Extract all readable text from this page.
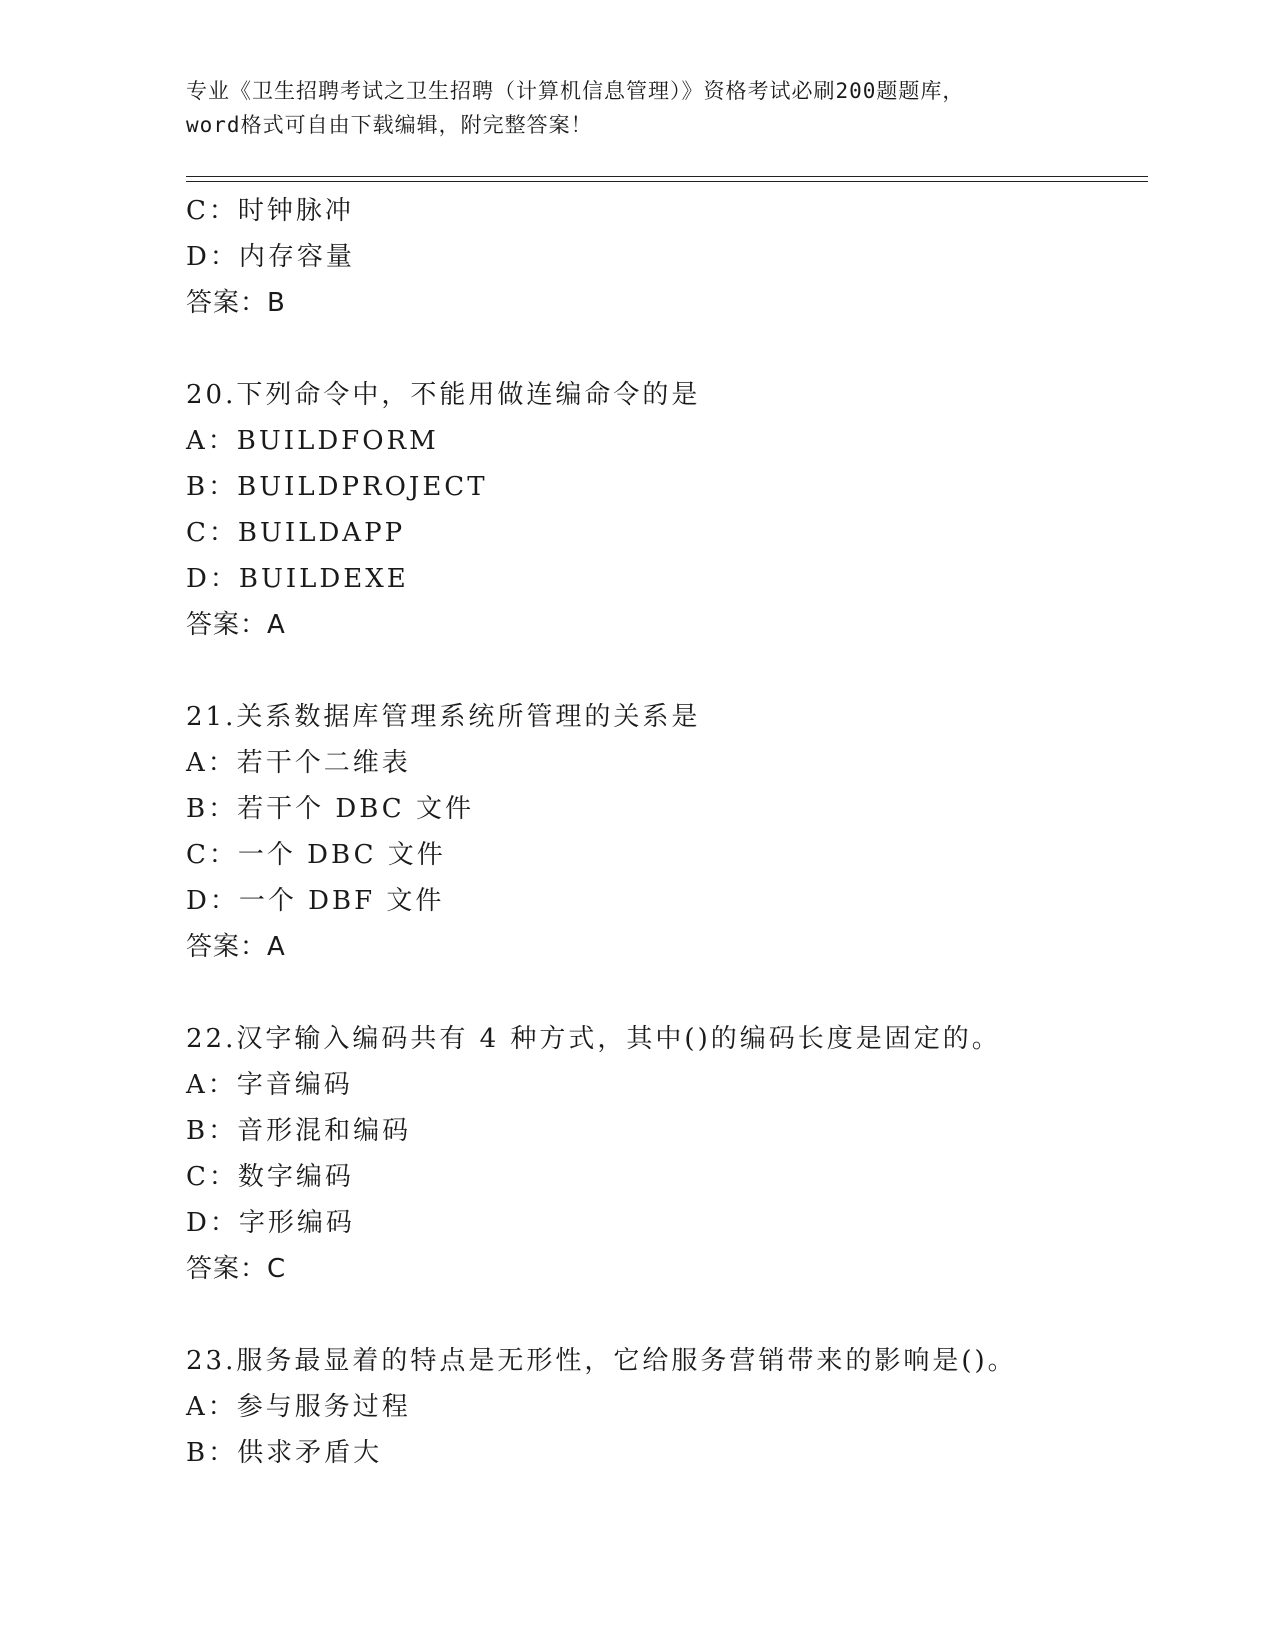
专业《卫生招聘考试之卫生招聘（计算机信息管理）》资格考试必刷200题题库，
word格式可自由下载编辑，附完整答案！
C：时钟脉冲
D：内存容量
答案：B
20.下列命令中，不能用做连编命令的是
A：BUILDFORM
B：BUILDPROJECT
C：BUILDAPP
D：BUILDEXE
答案：A
21.关系数据库管理系统所管理的关系是
A：若干个二维表
B：若干个 DBC 文件
C：一个 DBC 文件
D：一个 DBF 文件
答案：A
22.汉字输入编码共有 4 种方式，其中()的编码长度是固定的。
A：字音编码
B：音形混和编码
C：数字编码
D：字形编码
答案：C
23.服务最显着的特点是无形性，它给服务营销带来的影响是()。
A：参与服务过程
B：供求矛盾大
